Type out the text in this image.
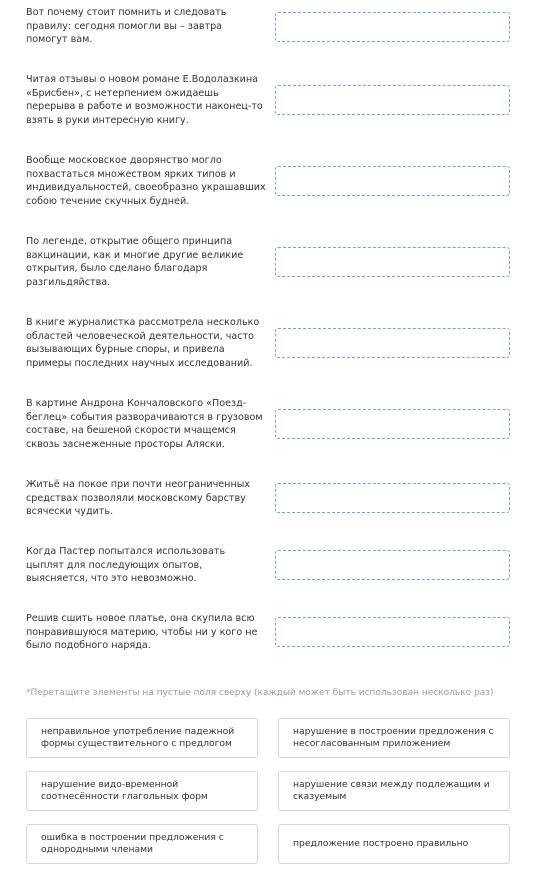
Вот почему стоит помнить и следовать правилу: сегодня помогли вы – завтра помогут вам.
Читая отзывы о новом романе Е.Водолазкина «Брисбен», с нетерпением ожидаешь перерыва в работе и возможности наконец-то взять в руки интересную книгу.
Вообще московское дворянство могло похвастаться множеством ярких типов и индивидуальностей, своеобразно украшавших собою течение скучных будней.
По легенде, открытие общего принципа вакцинации, как и многие другие великие открытия, было сделано благодаря разгильдяйства.
В книге журналистка рассмотрела несколько областей человеческой деятельности, часто вызывающих бурные споры, и привела примеры последних научных исследований.
В картине Андрона Кончаловского «Поезд-беглец» события разворачиваются в грузовом составе, на бешеной скорости мчащемся сквозь заснеженные просторы Аляски.
Житьё на покое при почти неограниченных средствах позволяли московскому барству всячески чудить.
Когда Пастер попытался использовать цыплят для последующих опытов, выясняется, что это невозможно.
Решив сшить новое платье, она скупила всю понравившуюся материю, чтобы ни у кого не было подобного наряда.
*Перетащите элементы на пустые поля сверху (каждый может быть использован несколько раз)
неправильное употребление падежной формы существительного с предлогом
нарушение в построении предложения с несогласованным приложением
нарушение видо-временной соотнесённости глагольных форм
нарушение связи между подлежащим и сказуемым
ошибка в построении предложения с однородными членами
предложение построено правильно
